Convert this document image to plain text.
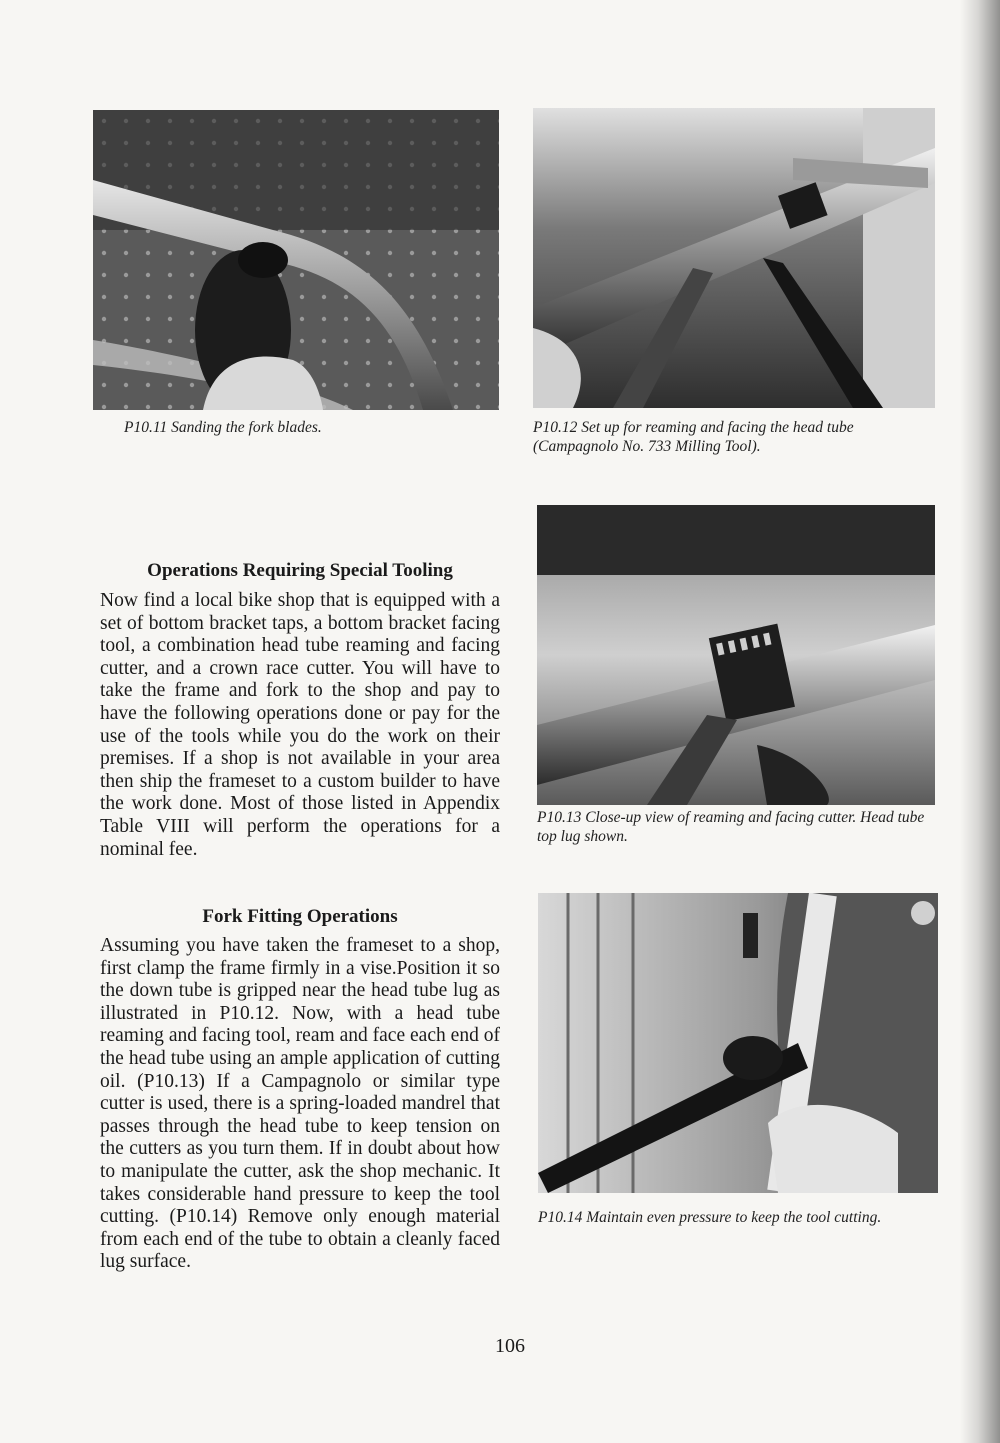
P10.11 Sanding the fork blades.	P10.12 Set up for reaming and facing the head tube (Campagnolo No. 733 Milling Tool).
Operations Requiring Special Tooling

Now find a local bike shop that is equipped with a set of bottom bracket taps, a bottom bracket facing tool, a combination head tube reaming and facing cutter, and a crown race cutter. You will have to take the frame and fork to the shop and pay to have the following operations done or pay for the use of the tools while you do the work on their premises. If a shop is not available in your area then ship the frameset to a custom builder to have the work done. Most of those listed in Appendix Table VIII will perform the operations for a nominal fee.

P10.13 Close-up view of reaming and facing cutter. Head tube top lug shown.
Fork Fitting Operations

Assuming you have taken the frameset to a shop, first clamp the frame firmly in a vise.Position it so the down tube is gripped near the head tube lug as illustrated in P10.12. Now, with a head tube reaming and facing tool, ream and face each end of the head tube using an ample application of cutting oil. (P10.13) If a Campagnolo or similar type cutter is used, there is a spring-loaded mandrel that passes through the head tube to keep tension on the cutters as you turn them. If in doubt about how to manipulate the cutter, ask the shop mechanic. It takes considerable hand pressure to keep the tool cutting. (P10.14) Remove only enough material from each end of the tube to obtain a cleanly faced lug surface.

P10.14 Maintain even pressure to keep the tool cutting.
106
